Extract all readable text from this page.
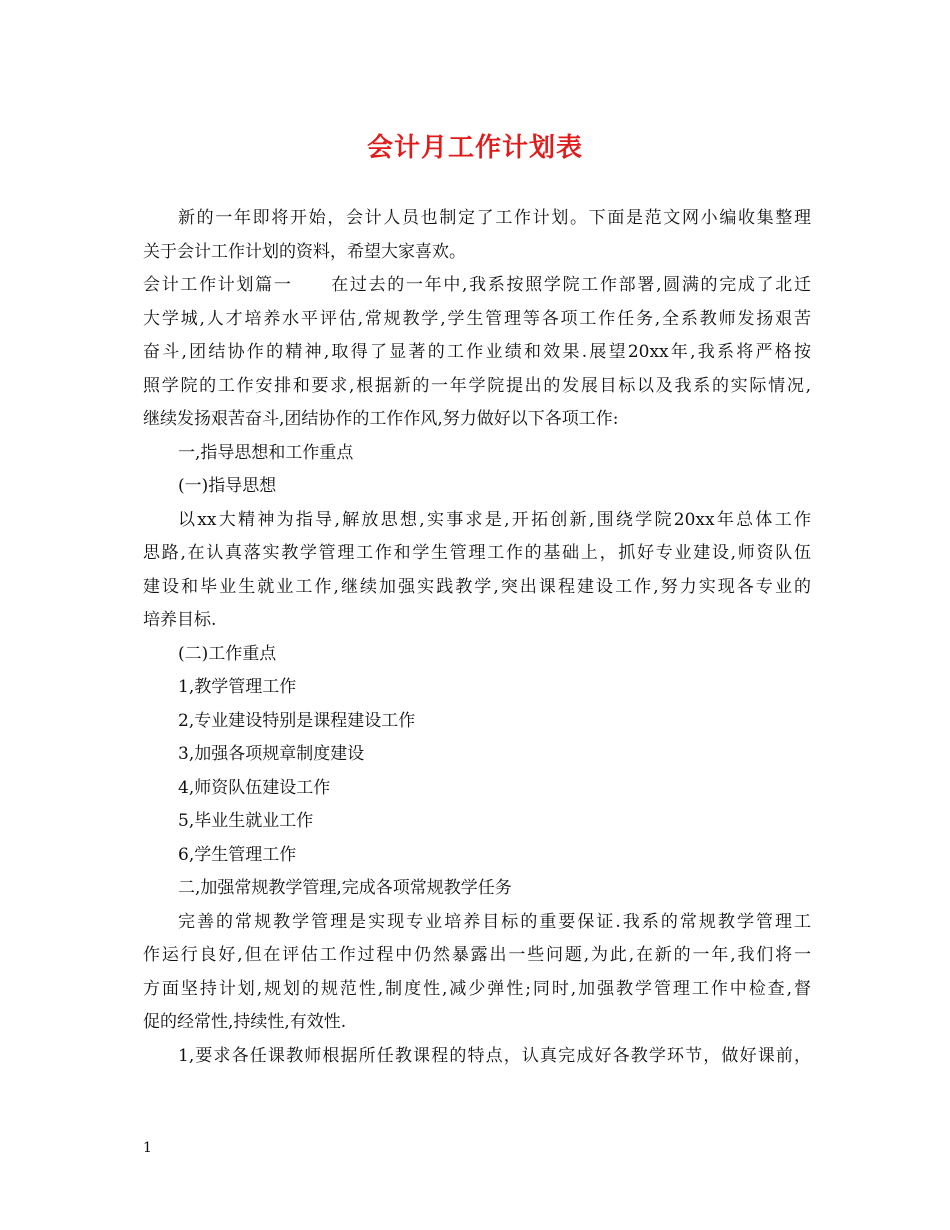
会计月工作计划表
新的一年即将开始，会计人员也制定了工作计划。下面是范文网小编收集整理
关于会计工作计划的资料，希望大家喜欢。
会计工作计划篇一 在过去的一年中,我系按照学院工作部署,圆满的完成了北迁
大学城,人才培养水平评估,常规教学,学生管理等各项工作任务,全系教师发扬艰苦
奋斗,团结协作的精神,取得了显著的工作业绩和效果.展望20xx年,我系将严格按
照学院的工作安排和要求,根据新的一年学院提出的发展目标以及我系的实际情况,
继续发扬艰苦奋斗,团结协作的工作作风,努力做好以下各项工作:
一,指导思想和工作重点
(一)指导思想
以xx大精神为指导,解放思想,实事求是,开拓创新,围绕学院20xx年总体工作
思路,在认真落实教学管理工作和学生管理工作的基础上，抓好专业建设,师资队伍
建设和毕业生就业工作,继续加强实践教学,突出课程建设工作,努力实现各专业的
培养目标.
(二)工作重点
1,教学管理工作
2,专业建设特别是课程建设工作
3,加强各项规章制度建设
4,师资队伍建设工作
5,毕业生就业工作
6,学生管理工作
二,加强常规教学管理,完成各项常规教学任务
完善的常规教学管理是实现专业培养目标的重要保证.我系的常规教学管理工
作运行良好,但在评估工作过程中仍然暴露出一些问题,为此,在新的一年,我们将一
方面坚持计划,规划的规范性,制度性,减少弹性;同时,加强教学管理工作中检查,督
促的经常性,持续性,有效性.
1,要求各任课教师根据所任教课程的特点，认真完成好各教学环节，做好课前，

1
